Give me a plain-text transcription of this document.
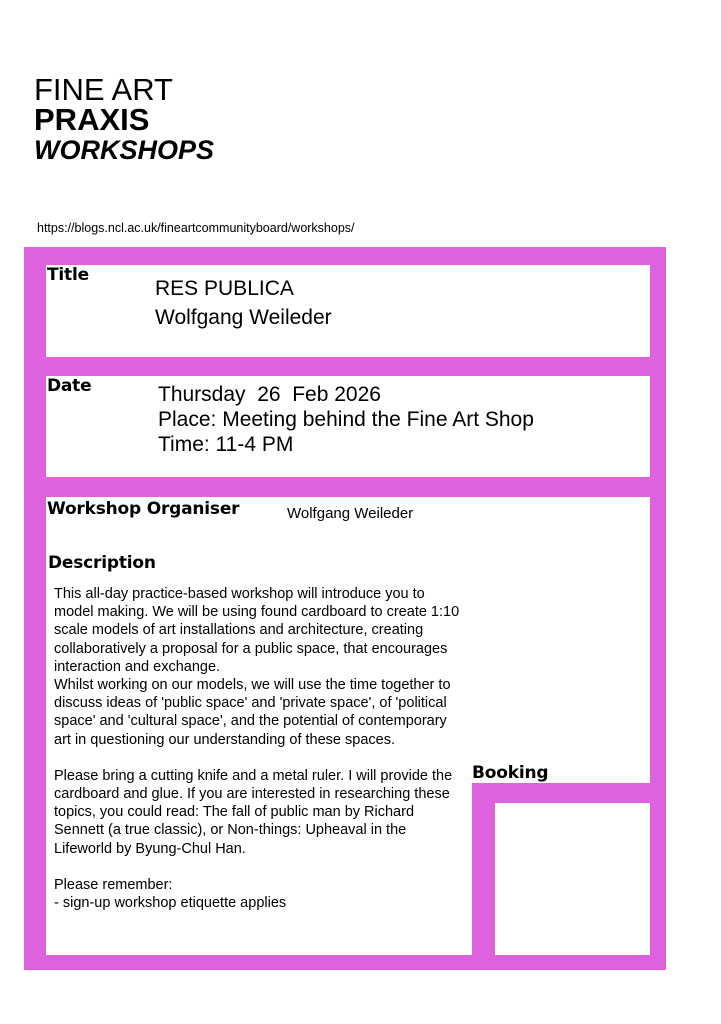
FINE ART
PRAXIS
WORKSHOPS
https://blogs.ncl.ac.uk/fineartcommunityboard/workshops/
Title
RES PUBLICA
Wolfgang Weileder
Date	Thursday  26  Feb 2026
Place: Meeting behind the Fine Art Shop
Time: 11-4 PM
Workshop Organiser	Wolfgang Weileder
Description

This all-day practice-based workshop will introduce you to model making. We will be using found cardboard to create 1:10 scale models of art installations and architecture, creating collaboratively a proposal for a public space, that encourages interaction and exchange.

Whilst working on our models, we will use the time together to discuss ideas of 'public space' and 'private space', of 'political space' and 'cultural space', and the potential of contemporary art in questioning our understanding of these spaces.

Please bring a cutting knife and a metal ruler. I will provide the cardboard and glue. If you are interested in researching these topics, you could read: The fall of public man by Richard Sennett (a true classic), or Non-things: Upheaval in the Lifeworld by Byung-Chul Han.

Please remember:

- sign-up workshop etiquette applies

Booking
